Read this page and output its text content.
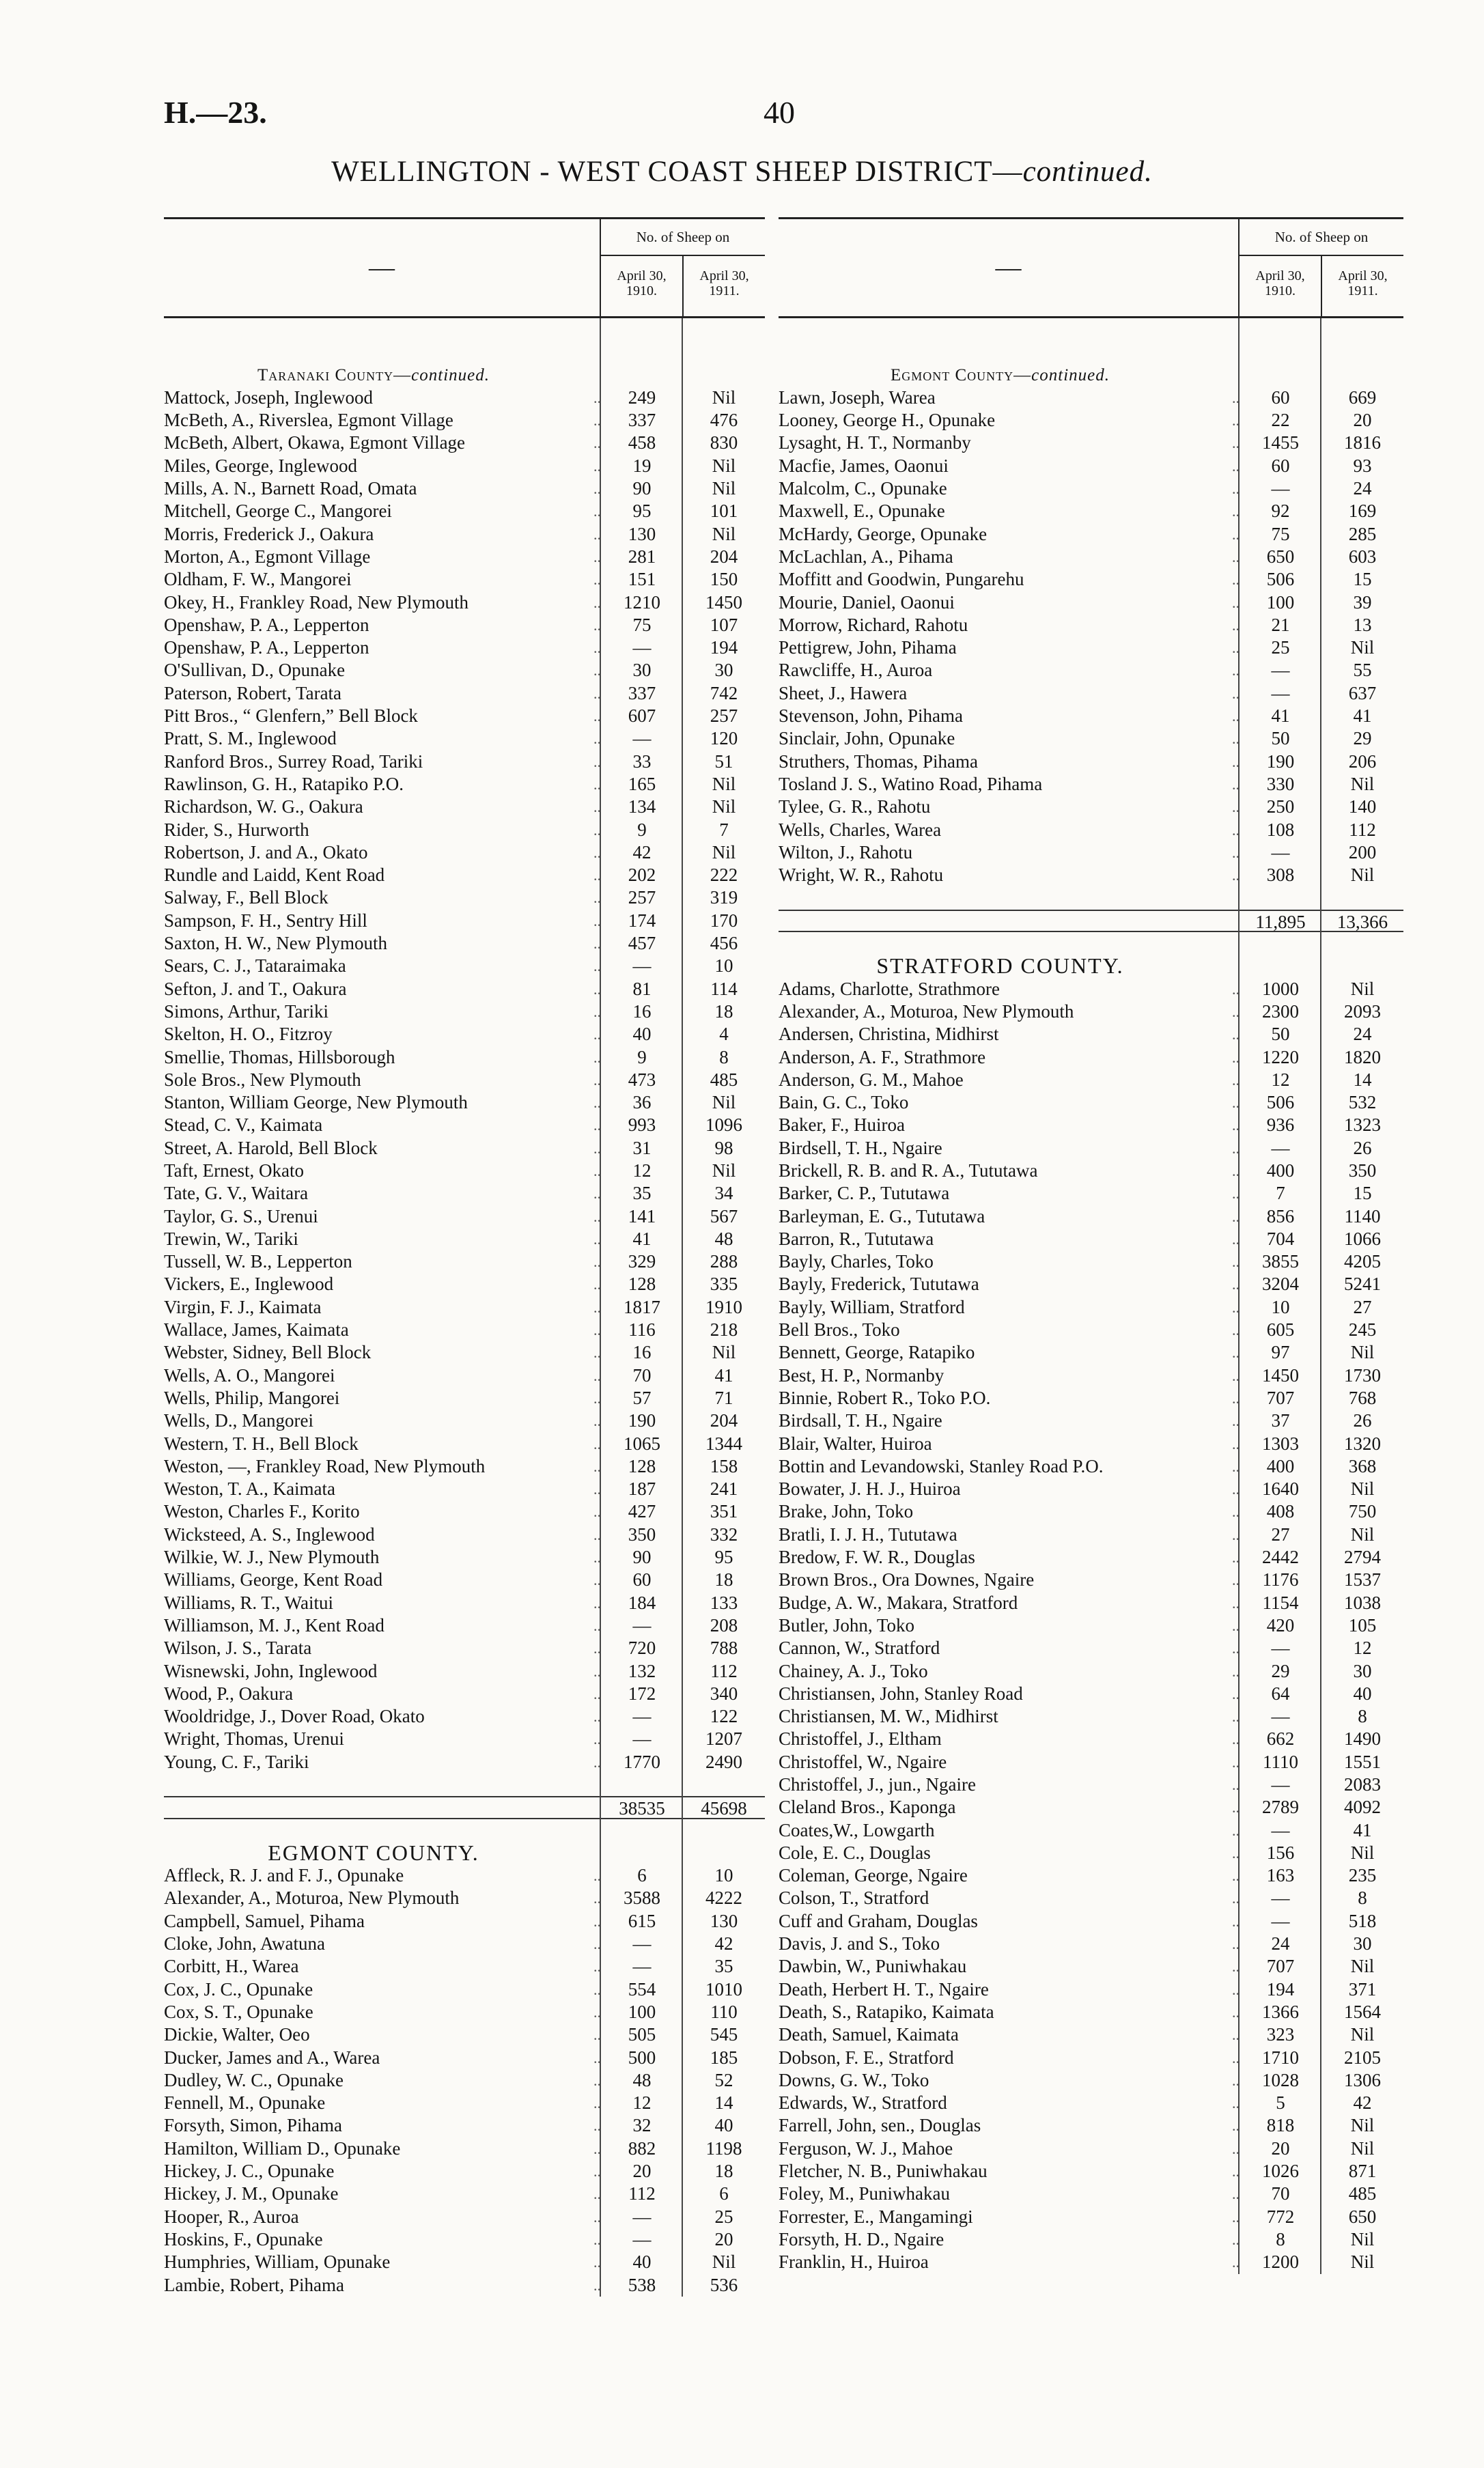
H.—23.	40
WELLINGTON - WEST COAST SHEEP DISTRICT—continued.
—
No. of Sheep on
April 30, 1910.
April 30, 1911.
Taranaki County—continued.
Mattock, Joseph, Inglewood	..	249	Nil
McBeth, A., Riverslea, Egmont Village	..	337	476
McBeth, Albert, Okawa, Egmont Village	..	458	830
Miles, George, Inglewood	..	19	Nil
Mills, A. N., Barnett Road, Omata	..	90	Nil
Mitchell, George C., Mangorei	..	95	101
Morris, Frederick J., Oakura	..	130	Nil
Morton, A., Egmont Village	..	281	204
Oldham, F. W., Mangorei	..	151	150
Okey, H., Frankley Road, New Plymouth	..	1210	1450
Openshaw, P. A., Lepperton	..	75	107
Openshaw, P. A., Lepperton	..	—	194
O'Sullivan, D., Opunake	..	30	30
Paterson, Robert, Tarata	..	337	742
Pitt Bros., “ Glenfern,” Bell Block	..	607	257
Pratt, S. M., Inglewood	..	—	120
Ranford Bros., Surrey Road, Tariki	..	33	51
Rawlinson, G. H., Ratapiko P.O.	..	165	Nil
Richardson, W. G., Oakura	..	134	Nil
Rider, S., Hurworth	..	9	7
Robertson, J. and A., Okato	..	42	Nil
Rundle and Laidd, Kent Road	..	202	222
Salway, F., Bell Block	..	257	319
Sampson, F. H., Sentry Hill	..	174	170
Saxton, H. W., New Plymouth	..	457	456
Sears, C. J., Tataraimaka	..	—	10
Sefton, J. and T., Oakura	..	81	114
Simons, Arthur, Tariki	..	16	18
Skelton, H. O., Fitzroy	..	40	4
Smellie, Thomas, Hillsborough	..	9	8
Sole Bros., New Plymouth	..	473	485
Stanton, William George, New Plymouth	..	36	Nil
Stead, C. V., Kaimata	..	993	1096
Street, A. Harold, Bell Block	..	31	98
Taft, Ernest, Okato	..	12	Nil
Tate, G. V., Waitara	..	35	34
Taylor, G. S., Urenui	..	141	567
Trewin, W., Tariki	..	41	48
Tussell, W. B., Lepperton	..	329	288
Vickers, E., Inglewood	..	128	335
Virgin, F. J., Kaimata	..	1817	1910
Wallace, James, Kaimata	..	116	218
Webster, Sidney, Bell Block	..	16	Nil
Wells, A. O., Mangorei	..	70	41
Wells, Philip, Mangorei	..	57	71
Wells, D., Mangorei	..	190	204
Western, T. H., Bell Block	..	1065	1344
Weston, —, Frankley Road, New Plymouth	..	128	158
Weston, T. A., Kaimata	..	187	241
Weston, Charles F., Korito	..	427	351
Wicksteed, A. S., Inglewood	..	350	332
Wilkie, W. J., New Plymouth	..	90	95
Williams, George, Kent Road	..	60	18
Williams, R. T., Waitui	..	184	133
Williamson, M. J., Kent Road	..	—	208
Wilson, J. S., Tarata	..	720	788
Wisnewski, John, Inglewood	..	132	112
Wood, P., Oakura	..	172	340
Wooldridge, J., Dover Road, Okato	..	—	122
Wright, Thomas, Urenui	..	—	1207
Young, C. F., Tariki	..	1770	2490
38535	45698
EGMONT COUNTY.
Affleck, R. J. and F. J., Opunake	..	6	10
Alexander, A., Moturoa, New Plymouth	..	3588	4222
Campbell, Samuel, Pihama	..	615	130
Cloke, John, Awatuna	..	—	42
Corbitt, H., Warea	..	—	35
Cox, J. C., Opunake	..	554	1010
Cox, S. T., Opunake	..	100	110
Dickie, Walter, Oeo	..	505	545
Ducker, James and A., Warea	..	500	185
Dudley, W. C., Opunake	..	48	52
Fennell, M., Opunake	..	12	14
Forsyth, Simon, Pihama	..	32	40
Hamilton, William D., Opunake	..	882	1198
Hickey, J. C., Opunake	..	20	18
Hickey, J. M., Opunake	..	112	6
Hooper, R., Auroa	..	—	25
Hoskins, F., Opunake	..	—	20
Humphries, William, Opunake	..	40	Nil
Lambie, Robert, Pihama	..	538	536
—
No. of Sheep on
April 30, 1910.
April 30, 1911.
Egmont County—continued.
Lawn, Joseph, Warea	..	60	669
Looney, George H., Opunake	..	22	20
Lysaght, H. T., Normanby	..	1455	1816
Macfie, James, Oaonui	..	60	93
Malcolm, C., Opunake	..	—	24
Maxwell, E., Opunake	..	92	169
McHardy, George, Opunake	..	75	285
McLachlan, A., Pihama	..	650	603
Moffitt and Goodwin, Pungarehu	..	506	15
Mourie, Daniel, Oaonui	..	100	39
Morrow, Richard, Rahotu	..	21	13
Pettigrew, John, Pihama	..	25	Nil
Rawcliffe, H., Auroa	..	—	55
Sheet, J., Hawera	..	—	637
Stevenson, John, Pihama	..	41	41
Sinclair, John, Opunake	..	50	29
Struthers, Thomas, Pihama	..	190	206
Tosland J. S., Watino Road, Pihama	..	330	Nil
Tylee, G. R., Rahotu	..	250	140
Wells, Charles, Warea	..	108	112
Wilton, J., Rahotu	..	—	200
Wright, W. R., Rahotu	..	308	Nil
11,895	13,366
STRATFORD COUNTY.
Adams, Charlotte, Strathmore	..	1000	Nil
Alexander, A., Moturoa, New Plymouth	..	2300	2093
Andersen, Christina, Midhirst	..	50	24
Anderson, A. F., Strathmore	..	1220	1820
Anderson, G. M., Mahoe	..	12	14
Bain, G. C., Toko	..	506	532
Baker, F., Huiroa	..	936	1323
Birdsell, T. H., Ngaire	..	—	26
Brickell, R. B. and R. A., Tututawa	..	400	350
Barker, C. P., Tututawa	..	7	15
Barleyman, E. G., Tututawa	..	856	1140
Barron, R., Tututawa	..	704	1066
Bayly, Charles, Toko	..	3855	4205
Bayly, Frederick, Tututawa	..	3204	5241
Bayly, William, Stratford	..	10	27
Bell Bros., Toko	..	605	245
Bennett, George, Ratapiko	..	97	Nil
Best, H. P., Normanby	..	1450	1730
Binnie, Robert R., Toko P.O.	..	707	768
Birdsall, T. H., Ngaire	..	37	26
Blair, Walter, Huiroa	..	1303	1320
Bottin and Levandowski, Stanley Road P.O.	..	400	368
Bowater, J. H. J., Huiroa	..	1640	Nil
Brake, John, Toko	..	408	750
Bratli, I. J. H., Tututawa	..	27	Nil
Bredow, F. W. R., Douglas	..	2442	2794
Brown Bros., Ora Downes, Ngaire	..	1176	1537
Budge, A. W., Makara, Stratford	..	1154	1038
Butler, John, Toko	..	420	105
Cannon, W., Stratford	..	—	12
Chainey, A. J., Toko	..	29	30
Christiansen, John, Stanley Road	..	64	40
Christiansen, M. W., Midhirst	..	—	8
Christoffel, J., Eltham	..	662	1490
Christoffel, W., Ngaire	..	1110	1551
Christoffel, J., jun., Ngaire	..	—	2083
Cleland Bros., Kaponga	..	2789	4092
Coates,W., Lowgarth	..	—	41
Cole, E. C., Douglas	..	156	Nil
Coleman, George, Ngaire	..	163	235
Colson, T., Stratford	..	—	8
Cuff and Graham, Douglas	..	—	518
Davis, J. and S., Toko	..	24	30
Dawbin, W., Puniwhakau	..	707	Nil
Death, Herbert H. T., Ngaire	..	194	371
Death, S., Ratapiko, Kaimata	..	1366	1564
Death, Samuel, Kaimata	..	323	Nil
Dobson, F. E., Stratford	..	1710	2105
Downs, G. W., Toko	..	1028	1306
Edwards, W., Stratford	..	5	42
Farrell, John, sen., Douglas	..	818	Nil
Ferguson, W. J., Mahoe	..	20	Nil
Fletcher, N. B., Puniwhakau	..	1026	871
Foley, M., Puniwhakau	..	70	485
Forrester, E., Mangamingi	..	772	650
Forsyth, H. D., Ngaire	..	8	Nil
Franklin, H., Huiroa	..	1200	Nil
